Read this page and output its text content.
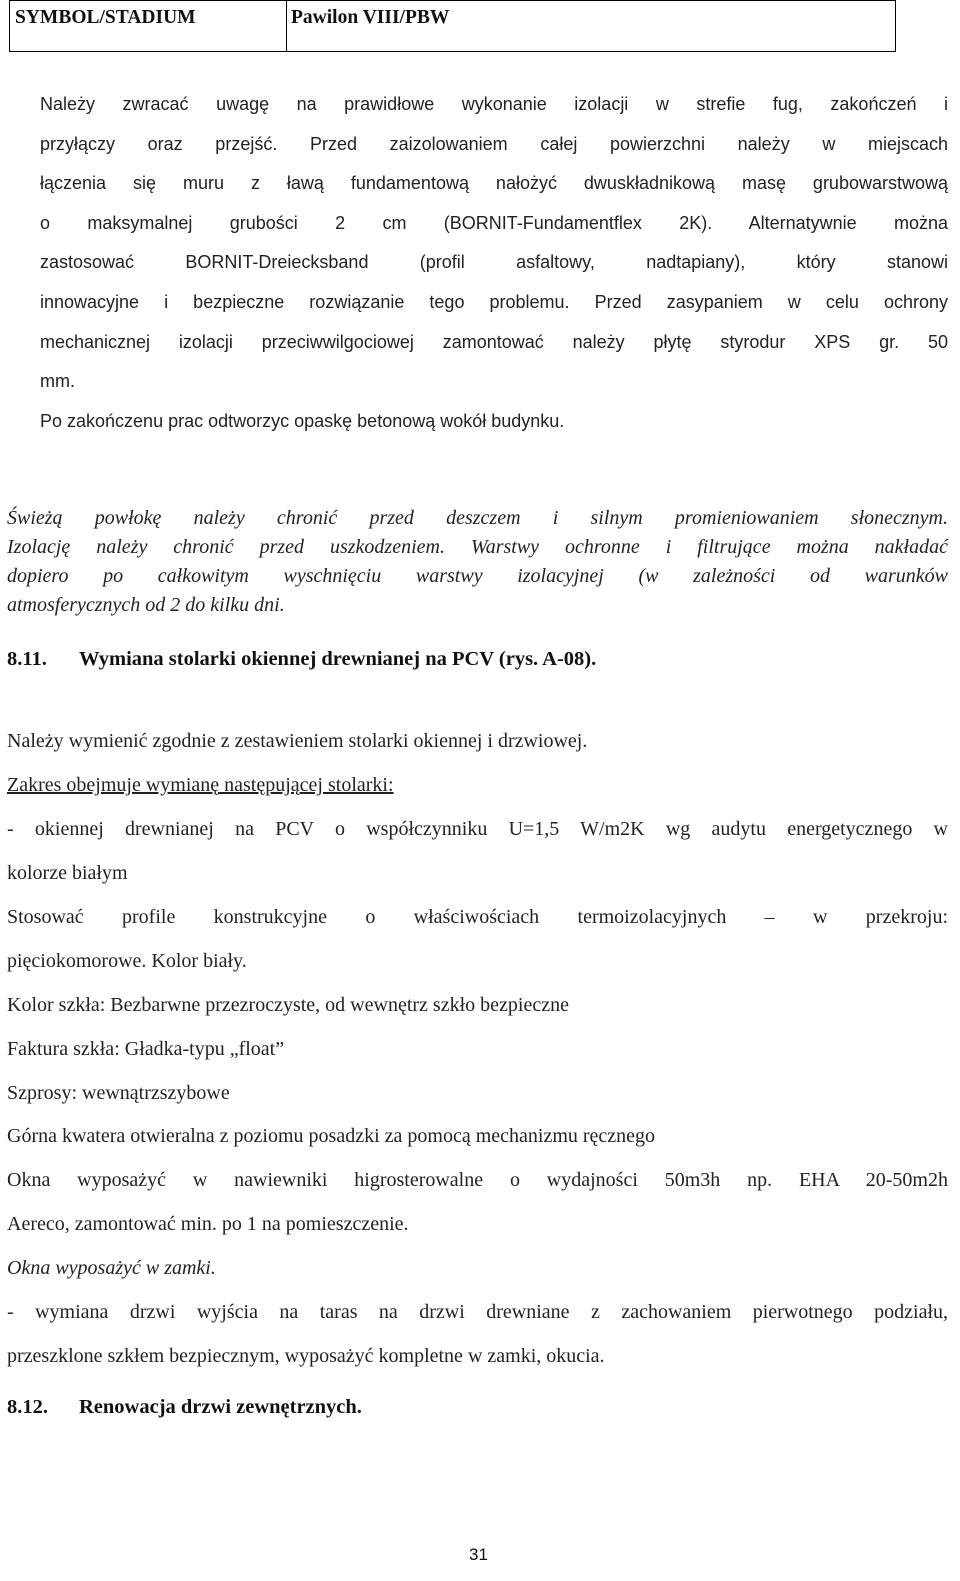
SYMBOL/STADIUM	Pawilon VIII/PBW
Należy zwracać uwagę na prawidłowe wykonanie izolacji w strefie fug, zakończeń i
przyłączy oraz przejść. Przed zaizolowaniem całej powierzchni należy w miejscach
łączenia się muru z ławą fundamentową nałożyć dwuskładnikową masę grubowarstwową
o maksymalnej grubości 2 cm (BORNIT-Fundamentflex 2K). Alternatywnie można
zastosować BORNIT-Dreiecksband (profil asfaltowy, nadtapiany), który stanowi
innowacyjne i bezpieczne rozwiązanie tego problemu. Przed zasypaniem w celu ochrony
mechanicznej izolacji przeciwwilgociowej zamontować należy płytę styrodur XPS gr. 50
mm.
Po zakończenu prac odtworzyc opaskę betonową wokół budynku.
Świeżą powłokę należy chronić przed deszczem i silnym promieniowaniem słonecznym.
Izolację należy chronić przed uszkodzeniem. Warstwy ochronne i filtrujące można nakładać
dopiero po całkowitym wyschnięciu warstwy izolacyjnej (w zależności od warunków
atmosferycznych od 2 do kilku dni.
8.11. Wymiana stolarki okiennej drewnianej na PCV (rys. A-08).
Należy wymienić zgodnie z zestawieniem stolarki okiennej i drzwiowej.
Zakres obejmuje wymianę następującej stolarki:
- okiennej drewnianej na PCV o współczynniku U=1,5 W/m2K wg audytu energetycznego w
kolorze białym
Stosować profile konstrukcyjne o właściwościach termoizolacyjnych – w przekroju:
pięciokomorowe. Kolor biały.
Kolor szkła: Bezbarwne przezroczyste, od wewnętrz szkło bezpieczne
Faktura szkła: Gładka-typu „float”
Szprosy: wewnątrzszybowe
Górna kwatera otwieralna z poziomu posadzki za pomocą mechanizmu ręcznego
Okna wyposażyć w nawiewniki higrosterowalne o wydajności 50m3h np. EHA 20-50m2h
Aereco, zamontować min. po 1 na pomieszczenie.
Okna wyposażyć w zamki.
- wymiana drzwi wyjścia na taras na drzwi drewniane z zachowaniem pierwotnego podziału,
przeszklone szkłem bezpiecznym, wyposażyć kompletne w zamki, okucia.
8.12. Renowacja drzwi zewnętrznych.
31
